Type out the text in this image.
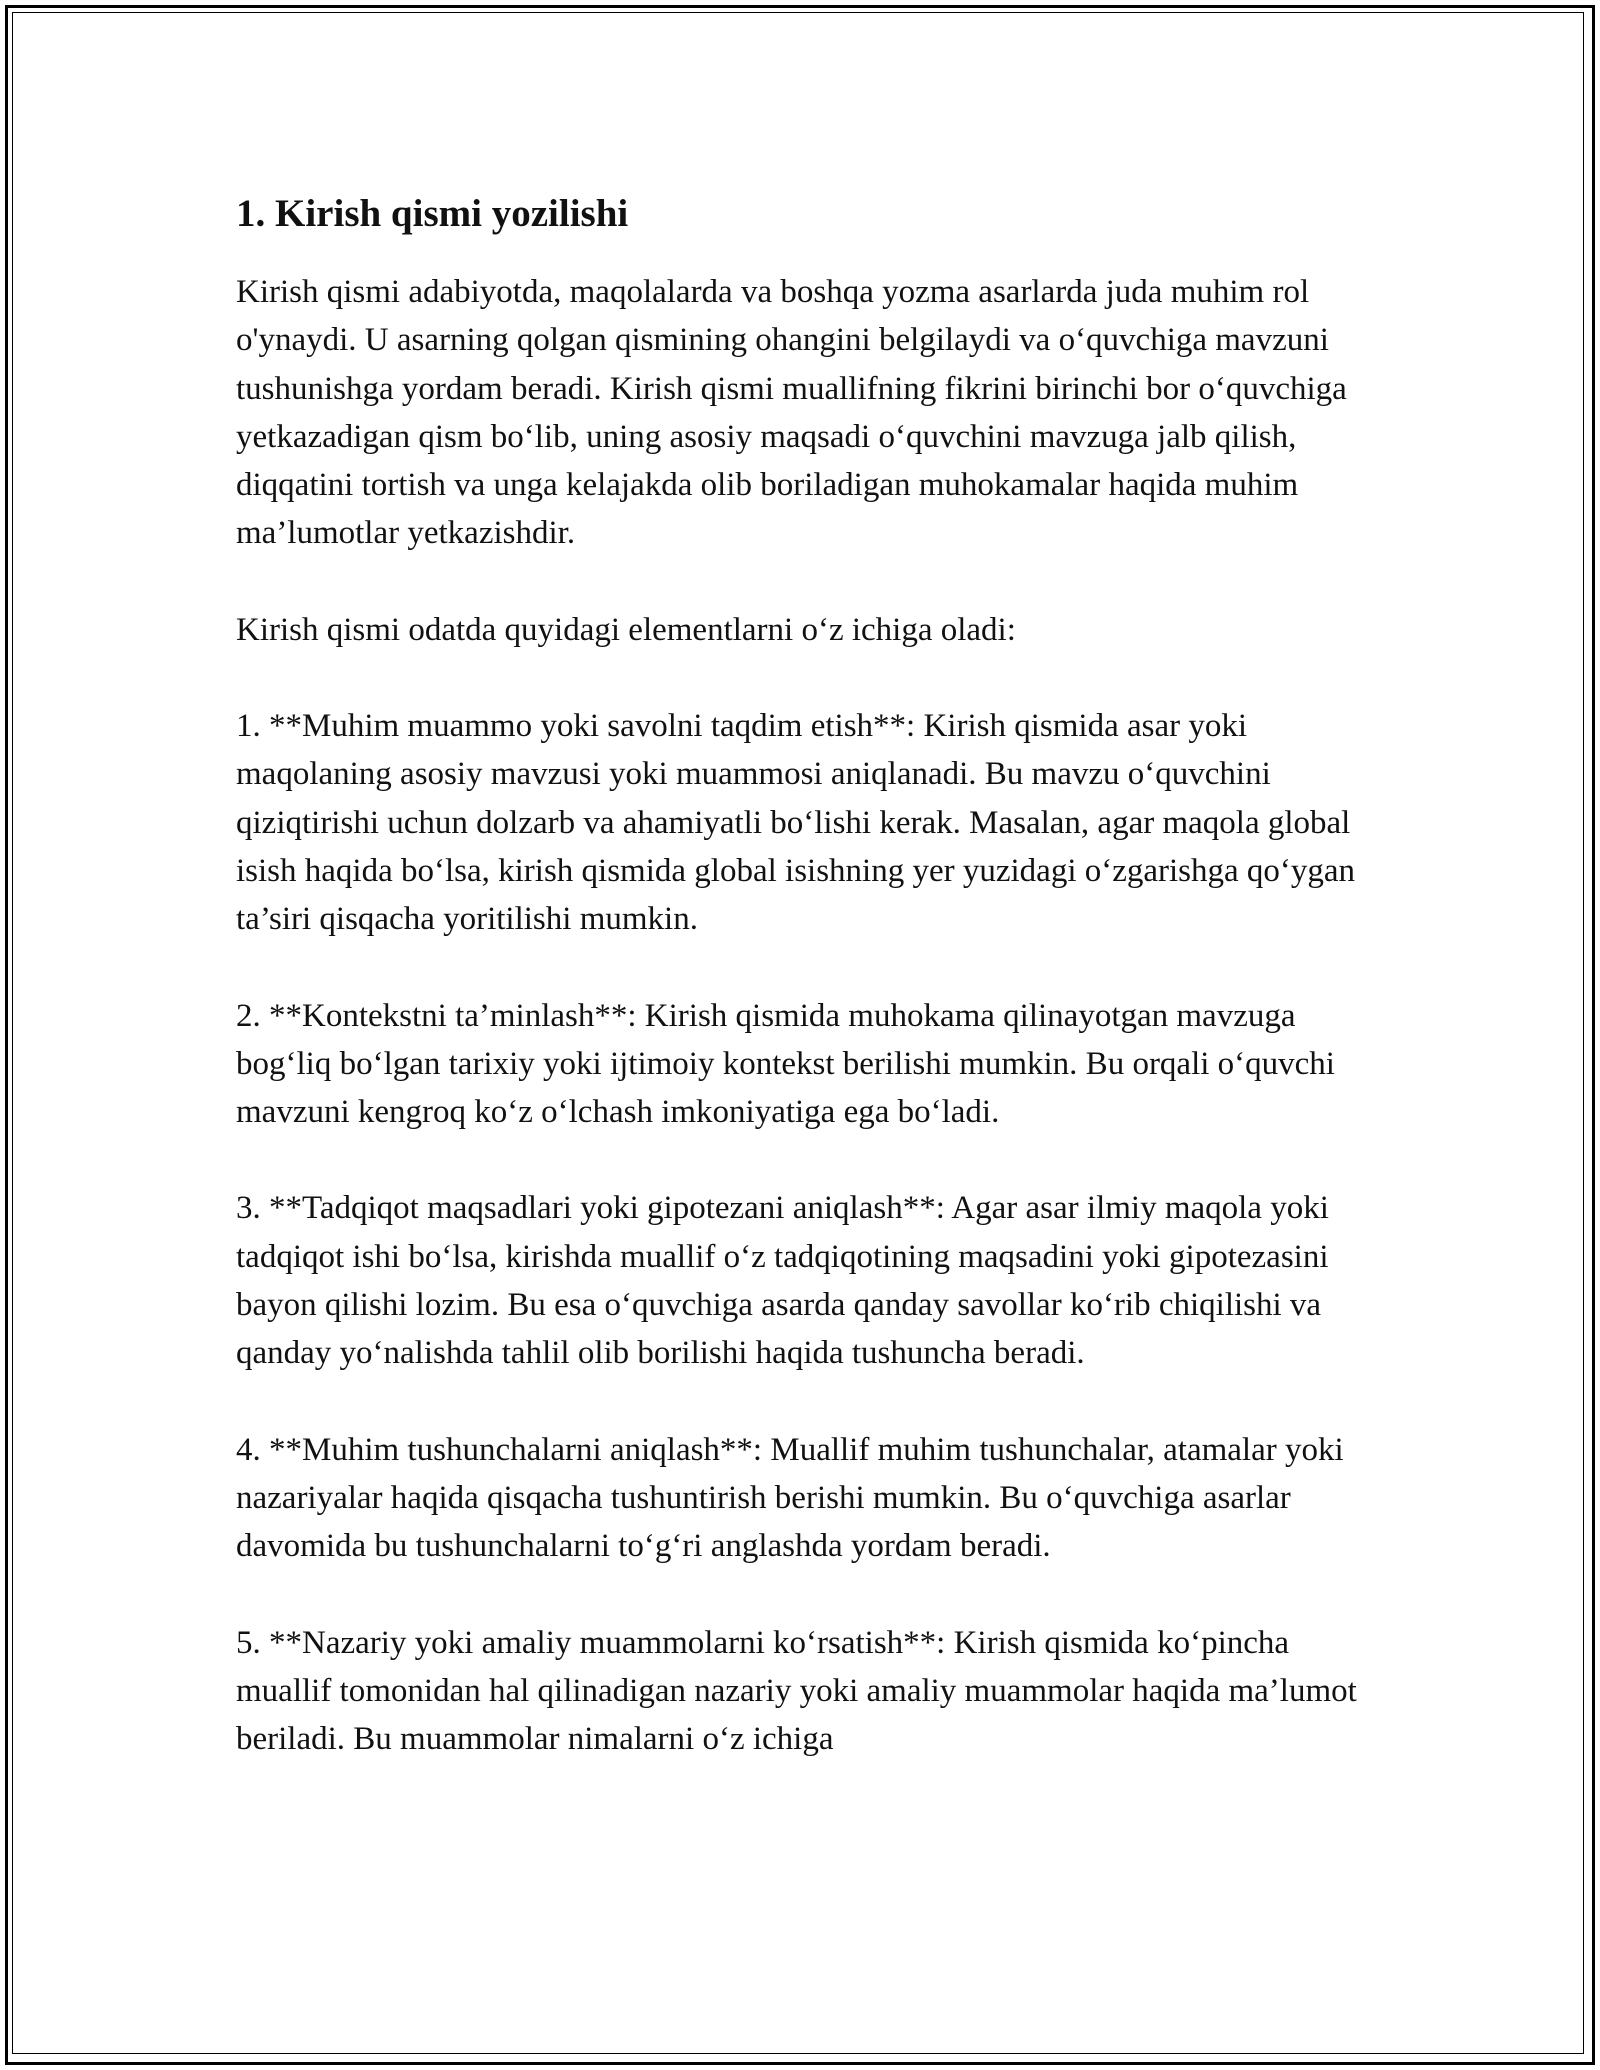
1. Kirish qismi yozilishi

Kirish qismi adabiyotda, maqolalarda va boshqa yozma asarlarda juda muhim rol o'ynaydi. U asarning qolgan qismining ohangini belgilaydi va o‘quvchiga mavzuni tushunishga yordam beradi. Kirish qismi muallifning fikrini birinchi bor o‘quvchiga yetkazadigan qism bo‘lib, uning asosiy maqsadi o‘quvchini mavzuga jalb qilish, diqqatini tortish va unga kelajakda olib boriladigan muhokamalar haqida muhim ma’lumotlar yetkazishdir.

Kirish qismi odatda quyidagi elementlarni o‘z ichiga oladi:

1. **Muhim muammo yoki savolni taqdim etish**: Kirish qismida asar yoki maqolaning asosiy mavzusi yoki muammosi aniqlanadi. Bu mavzu o‘quvchini qiziqtirishi uchun dolzarb va ahamiyatli bo‘lishi kerak. Masalan, agar maqola global isish haqida bo‘lsa, kirish qismida global isishning yer yuzidagi o‘zgarishga qo‘ygan ta’siri qisqacha yoritilishi mumkin.

2. **Kontekstni ta’minlash**: Kirish qismida muhokama qilinayotgan mavzuga bog‘liq bo‘lgan tarixiy yoki ijtimoiy kontekst berilishi mumkin. Bu orqali o‘quvchi mavzuni kengroq ko‘z o‘lchash imkoniyatiga ega bo‘ladi.

3. **Tadqiqot maqsadlari yoki gipotezani aniqlash**: Agar asar ilmiy maqola yoki tadqiqot ishi bo‘lsa, kirishda muallif o‘z tadqiqotining maqsadini yoki gipotezasini bayon qilishi lozim. Bu esa o‘quvchiga asarda qanday savollar ko‘rib chiqilishi va qanday yo‘nalishda tahlil olib borilishi haqida tushuncha beradi.

4. **Muhim tushunchalarni aniqlash**: Muallif muhim tushunchalar, atamalar yoki nazariyalar haqida qisqacha tushuntirish berishi mumkin. Bu o‘quvchiga asarlar davomida bu tushunchalarni to‘g‘ri anglashda yordam beradi.

5. **Nazariy yoki amaliy muammolarni ko‘rsatish**: Kirish qismida ko‘pincha muallif tomonidan hal qilinadigan nazariy yoki amaliy muammolar haqida ma’lumot beriladi. Bu muammolar nimalarni o‘z ichiga
